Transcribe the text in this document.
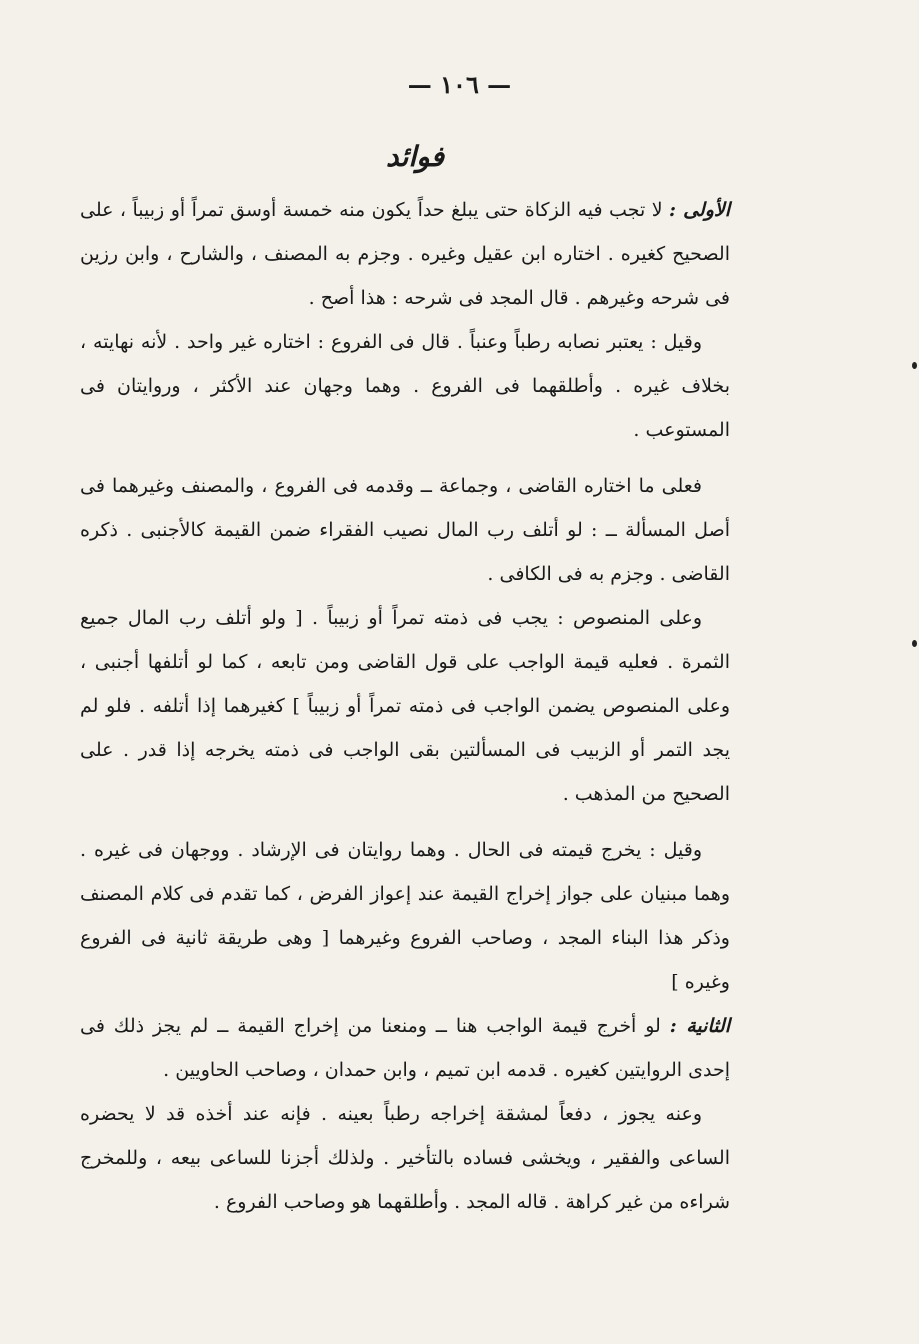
— ١٠٦ —
فوائد

الأولى : لا تجب فيه الزكاة حتى يبلغ حداً يكون منه خمسة أوسق تمراً أو زبيباً ، على الصحيح كغيره . اختاره ابن عقيل وغيره . وجزم به المصنف ، والشارح ، وابن رزين فى شرحه وغيرهم . قال المجد فى شرحه : هذا أصح .

وقيل : يعتبر نصابه رطباً وعنباً . قال فى الفروع : اختاره غير واحد . لأنه نهايته ، بخلاف غيره . وأطلقهما فى الفروع . وهما وجهان عند الأكثر ، وروايتان فى المستوعب .

فعلى ما اختاره القاضى ، وجماعة ــ وقدمه فى الفروع ، والمصنف وغيرهما فى أصل المسألة ــ : لو أتلف رب المال نصيب الفقراء ضمن القيمة كالأجنبى . ذكره القاضى . وجزم به فى الكافى .

وعلى المنصوص : يجب فى ذمته تمراً أو زبيباً . [ ولو أتلف رب المال جميع الثمرة . فعليه قيمة الواجب على قول القاضى ومن تابعه ، كما لو أتلفها أجنبى ، وعلى المنصوص يضمن الواجب فى ذمته تمراً أو زبيباً ] كغيرهما إذا أتلفه . فلو لم يجد التمر أو الزبيب فى المسألتين بقى الواجب فى ذمته يخرجه إذا قدر . على الصحيح من المذهب .

وقيل : يخرج قيمته فى الحال . وهما روايتان فى الإرشاد . ووجهان فى غيره . وهما مبنيان على جواز إخراج القيمة عند إعواز الفرض ، كما تقدم فى كلام المصنف وذكر هذا البناء المجد ، وصاحب الفروع وغيرهما [ وهى طريقة ثانية فى الفروع وغيره ]

الثانية : لو أخرج قيمة الواجب هنا ــ ومنعنا من إخراج القيمة ــ لم يجز ذلك فى إحدى الروايتين كغيره . قدمه ابن تميم ، وابن حمدان ، وصاحب الحاويين .

وعنه يجوز ، دفعاً لمشقة إخراجه رطباً بعينه . فإنه عند أخذه قد لا يحضره الساعى والفقير ، ويخشى فساده بالتأخير . ولذلك أجزنا للساعى بيعه ، وللمخرج شراءه من غير كراهة . قاله المجد . وأطلقهما هو وصاحب الفروع .
